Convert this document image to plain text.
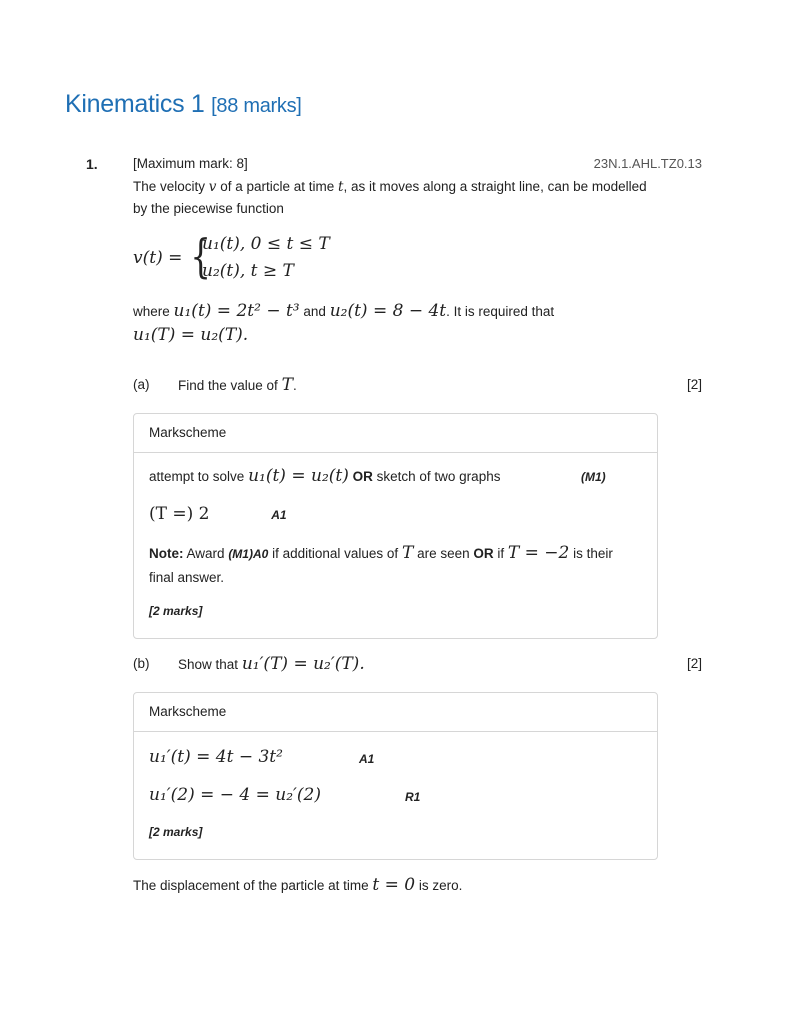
Kinematics 1 [88 marks]
1.	[Maximum mark: 8]	23N.1.AHL.TZ0.13
The velocity v of a particle at time t, as it moves along a straight line, can be modelled by the piecewise function
v(t) = {
u₁(t), 0 ≤ t ≤ T
u₂(t), t ≥ T
where u₁(t) = 2t² − t³ and u₂(t) = 8 − 4t. It is required that
u₁(T) = u₂(T).
(a) Find the value of T.	[2]
Markscheme
attempt to solve u₁(t) = u₂(t) OR sketch of two graphs	(M1)
(T =) 2	A1
Note: Award (M1)A0 if additional values of T are seen OR if T = −2 is their final answer.
[2 marks]
(b) Show that u₁′(T) = u₂′(T).	[2]
Markscheme
u₁′(t) = 4t − 3t²	A1
u₁′(2) = − 4 = u₂′(2)	R1
[2 marks]
The displacement of the particle at time t = 0 is zero.
